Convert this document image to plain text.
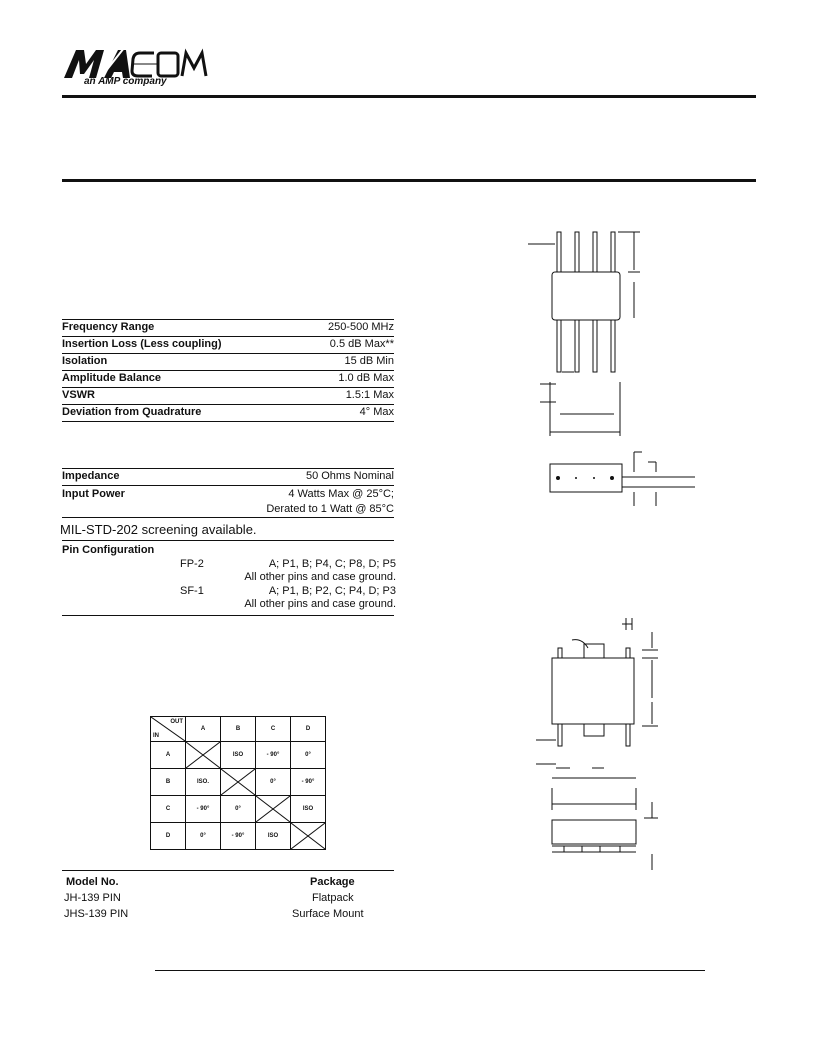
an AMP company
Frequency Range	250-500 MHz
Insertion Loss (Less coupling)	0.5 dB Max**
Isolation	15 dB Min
Amplitude Balance	1.0 dB Max
VSWR	1.5:1 Max
Deviation from Quadrature	4° Max
Impedance	50 Ohms Nominal
Input Power	4 Watts Max @ 25°C;
Derated to 1 Watt @ 85°C
MIL-STD-202 screening available.
Pin Configuration
FP-2	A; P1, B; P4, C; P8, D; P5
All other pins and case ground.
SF-1	A; P1, B; P2, C; P4, D; P3
All other pins and case ground.
OUT
IN	A	B	C	D
A		ISO	- 90°	0°
B	ISO.		0°	- 90°
C	- 90°	0°		ISO
D	0°	- 90°	ISO	
Model No.	Package
JH-139 PIN	Flatpack
JHS-139 PIN	Surface Mount
